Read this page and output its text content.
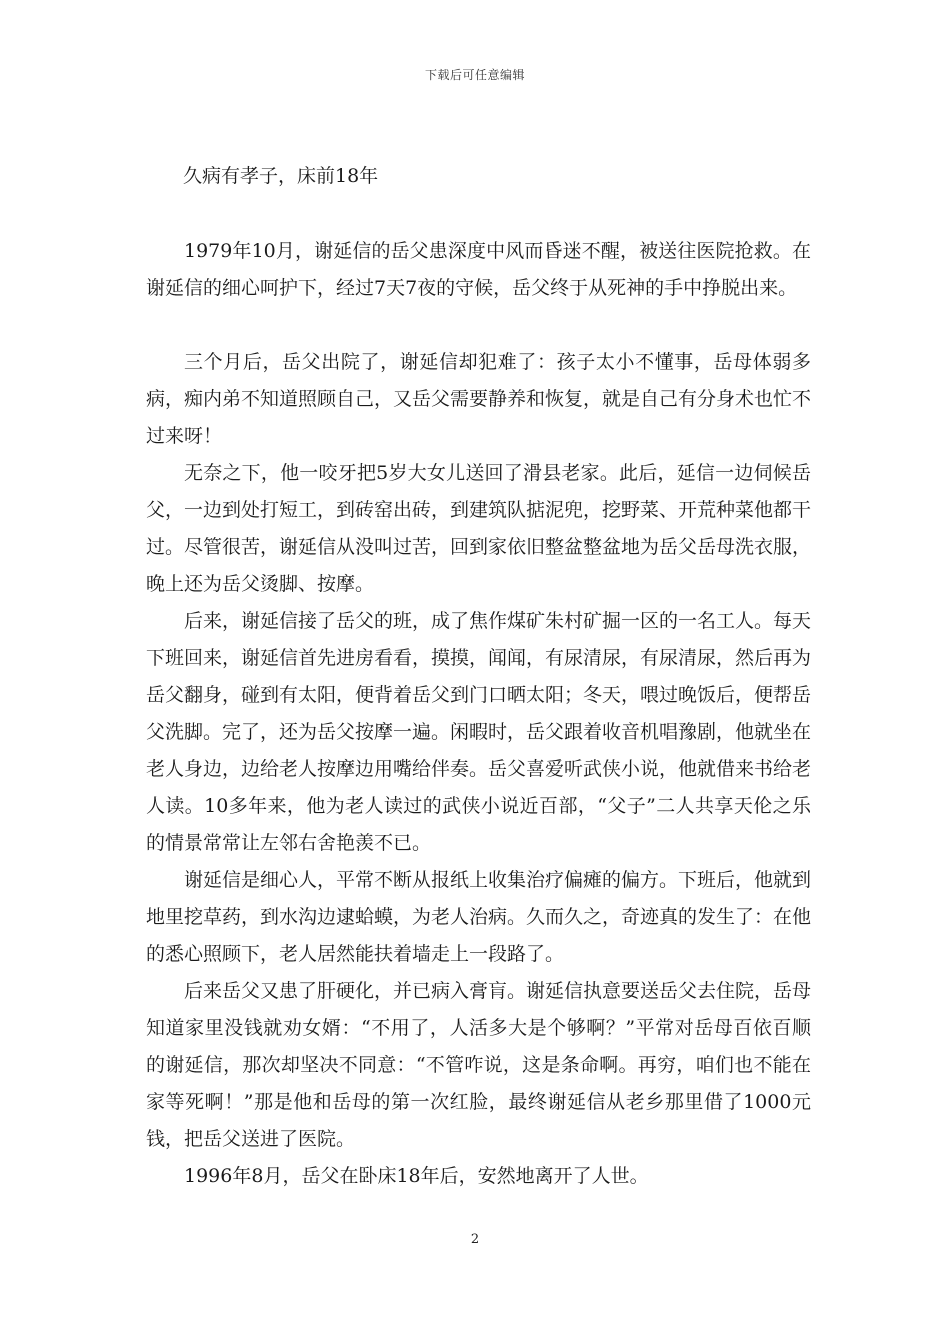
下载后可任意编辑
久病有孝子，床前18年

1979年10月，谢延信的岳父患深度中风而昏迷不醒，被送往医院抢救。在谢延信的细心呵护下，经过7天7夜的守候，岳父终于从死神的手中挣脱出来。

三个月后，岳父出院了，谢延信却犯难了：孩子太小不懂事，岳母体弱多病，痴内弟不知道照顾自己，又岳父需要静养和恢复，就是自己有分身术也忙不过来呀！

无奈之下，他一咬牙把5岁大女儿送回了滑县老家。此后，延信一边伺候岳父，一边到处打短工，到砖窑出砖，到建筑队掂泥兜，挖野菜、开荒种菜他都干过。尽管很苦，谢延信从没叫过苦，回到家依旧整盆整盆地为岳父岳母洗衣服，晚上还为岳父烫脚、按摩。

后来，谢延信接了岳父的班，成了焦作煤矿朱村矿掘一区的一名工人。每天下班回来，谢延信首先进房看看，摸摸，闻闻，有尿清尿，有尿清尿，然后再为岳父翻身，碰到有太阳，便背着岳父到门口晒太阳；冬天，喂过晚饭后，便帮岳父洗脚。完了，还为岳父按摩一遍。闲暇时，岳父跟着收音机唱豫剧，他就坐在老人身边，边给老人按摩边用嘴给伴奏。岳父喜爱听武侠小说，他就借来书给老人读。10多年来，他为老人读过的武侠小说近百部，“父子”二人共享天伦之乐的情景常常让左邻右舍艳羡不已。

谢延信是细心人，平常不断从报纸上收集治疗偏瘫的偏方。下班后，他就到地里挖草药，到水沟边逮蛤蟆，为老人治病。久而久之，奇迹真的发生了：在他的悉心照顾下，老人居然能扶着墙走上一段路了。

后来岳父又患了肝硬化，并已病入膏肓。谢延信执意要送岳父去住院，岳母知道家里没钱就劝女婿：“不用了，人活多大是个够啊？”平常对岳母百依百顺的谢延信，那次却坚决不同意：“不管咋说，这是条命啊。再穷，咱们也不能在家等死啊！”那是他和岳母的第一次红脸，最终谢延信从老乡那里借了1000元钱，把岳父送进了医院。

1996年8月，岳父在卧床18年后，安然地离开了人世。

2
